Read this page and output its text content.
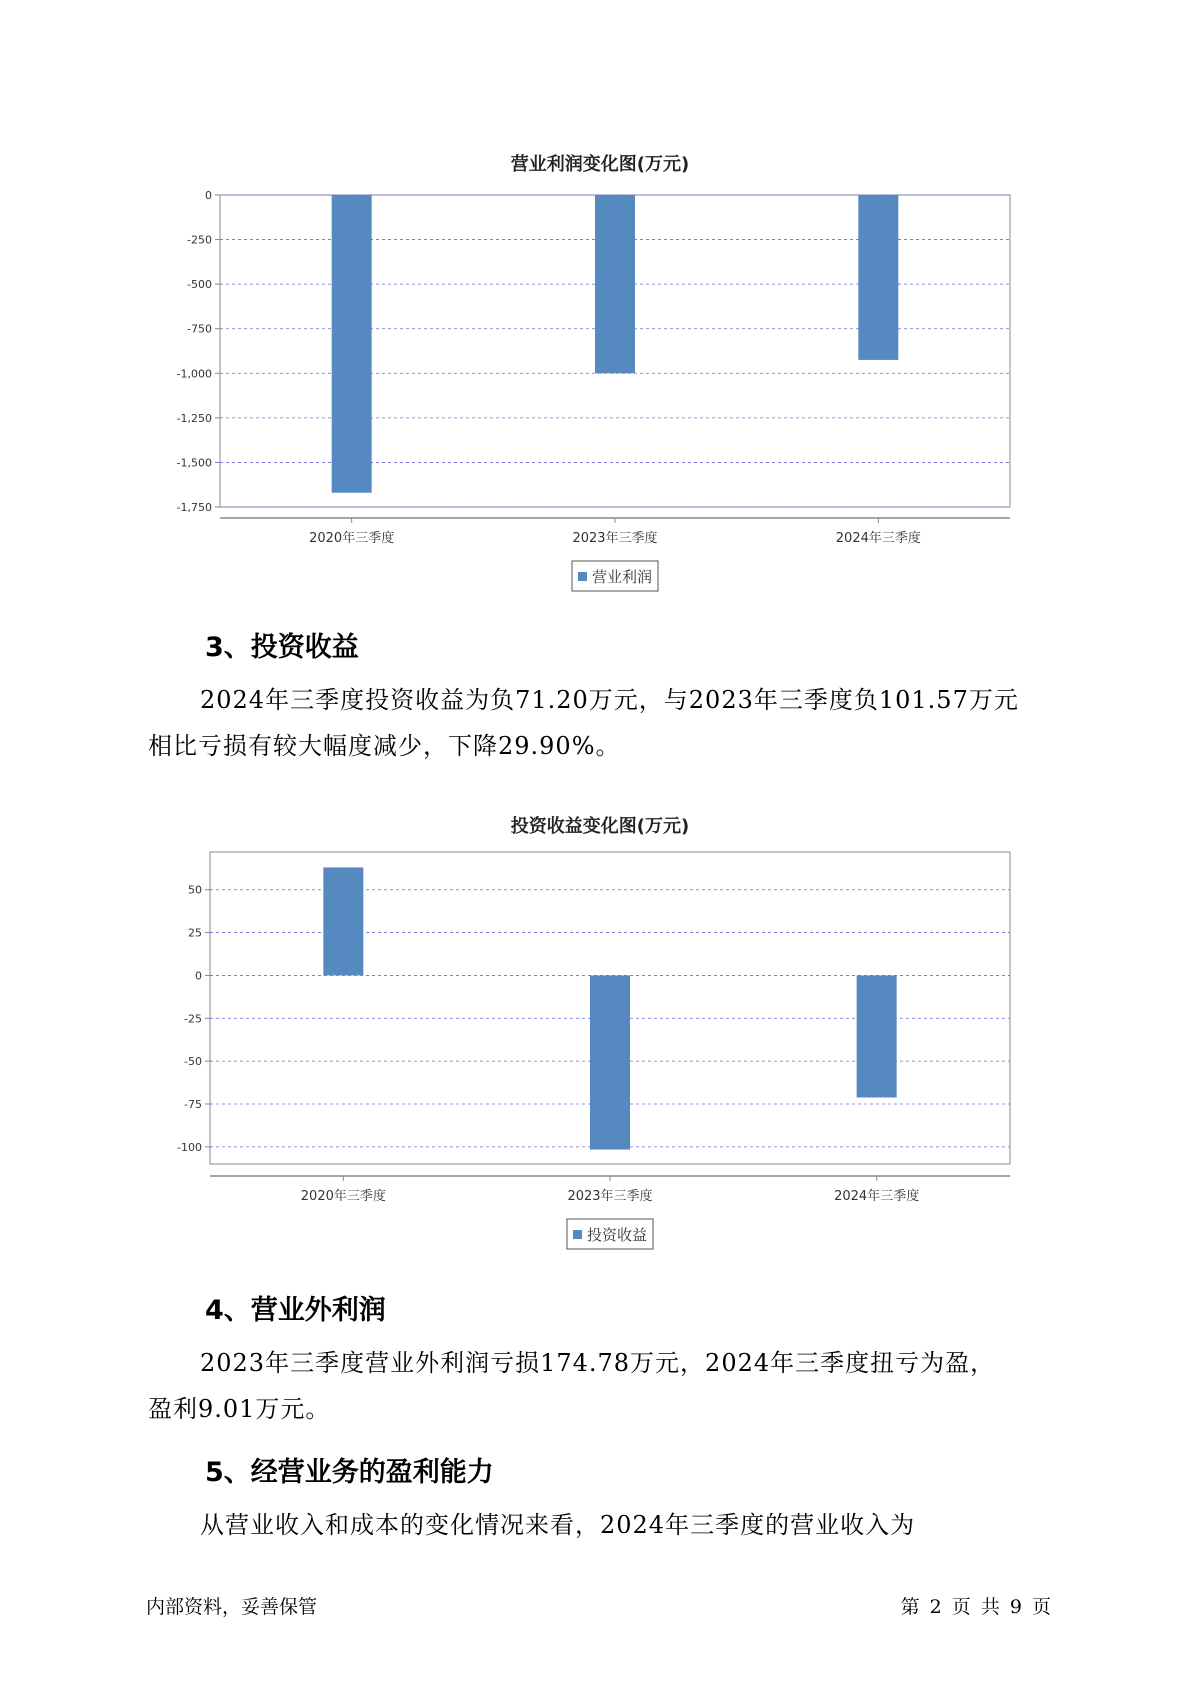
营业利润变化图(万元)
0
-250
-500
-750
-1,000
-1,250
-1,500
-1,750
2020年三季度	2023年三季度	2024年三季度
营业利润
3、投资收益
2024年三季度投资收益为负71.20万元，与2023年三季度负101.57万元
相比亏损有较大幅度减少，下降29.90%。
投资收益变化图(万元)
50
25
0
-25
-50
-75
-100
2020年三季度	2023年三季度	2024年三季度
投资收益
4、营业外利润
2023年三季度营业外利润亏损174.78万元，2024年三季度扭亏为盈，
盈利9.01万元。
5、经营业务的盈利能力
从营业收入和成本的变化情况来看，2024年三季度的营业收入为
内部资料，妥善保管	第 2 页 共 9 页
